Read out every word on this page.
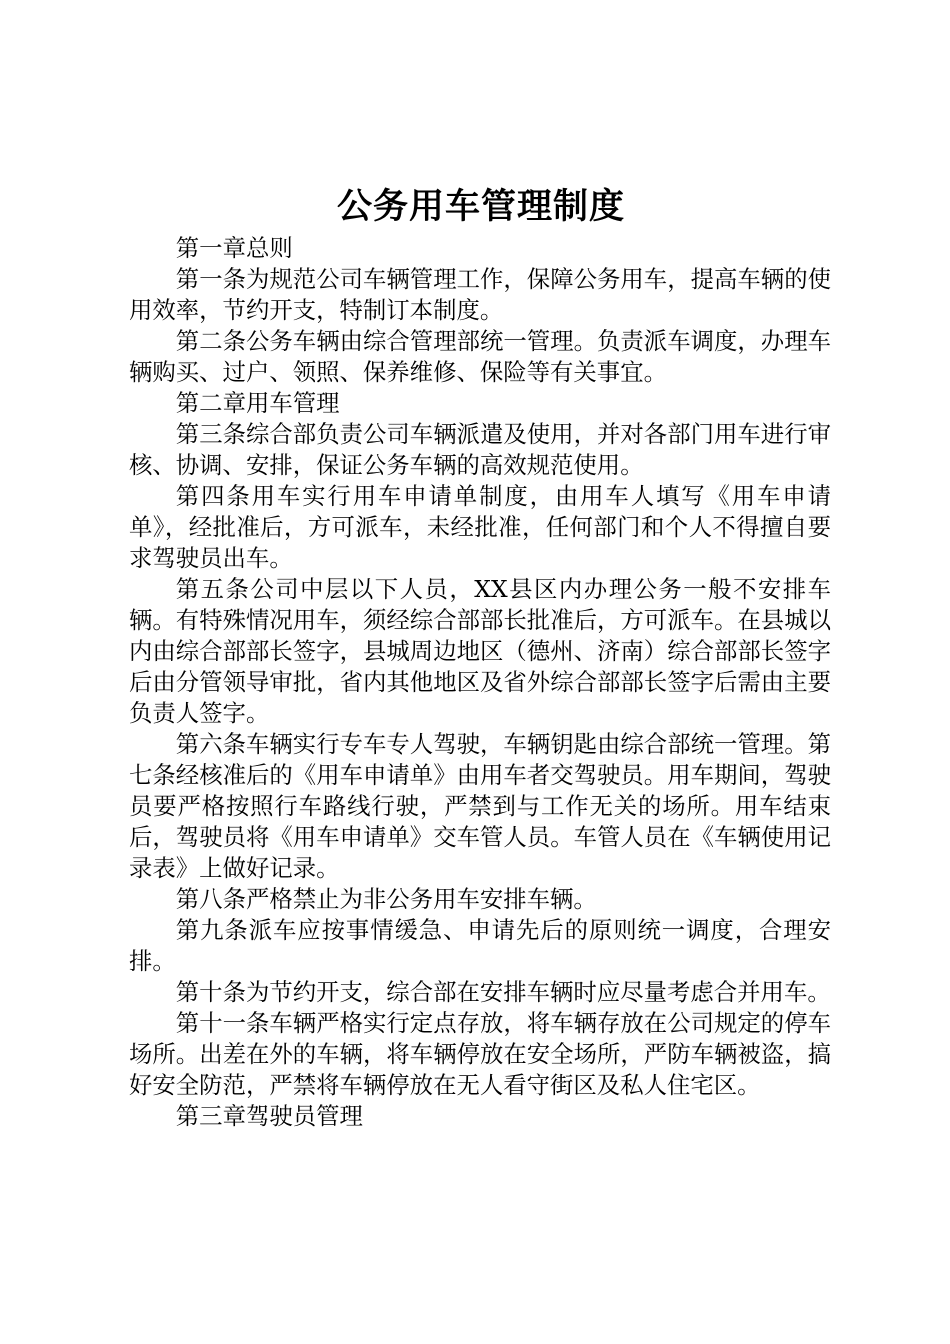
公务用车管理制度

第一章总则

第一条为规范公司车辆管理工作，保障公务用车，提高车辆的使用效率，节约开支，特制订本制度。

第二条公务车辆由综合管理部统一管理。负责派车调度，办理车辆购买、过户、领照、保养维修、保险等有关事宜。

第二章用车管理

第三条综合部负责公司车辆派遣及使用，并对各部门用车进行审核、协调、安排，保证公务车辆的高效规范使用。

第四条用车实行用车申请单制度，由用车人填写《用车申请单》，经批准后，方可派车，未经批准，任何部门和个人不得擅自要求驾驶员出车。

第五条公司中层以下人员，XX县区内办理公务一般不安排车辆。有特殊情况用车，须经综合部部长批准后，方可派车。在县城以内由综合部部长签字，县城周边地区（德州、济南）综合部部长签字后由分管领导审批，省内其他地区及省外综合部部长签字后需由主要负责人签字。

第六条车辆实行专车专人驾驶，车辆钥匙由综合部统一管理。第七条经核准后的《用车申请单》由用车者交驾驶员。用车期间，驾驶员要严格按照行车路线行驶，严禁到与工作无关的场所。用车结束后，驾驶员将《用车申请单》交车管人员。车管人员在《车辆使用记录表》上做好记录。

第八条严格禁止为非公务用车安排车辆。

第九条派车应按事情缓急、申请先后的原则统一调度，合理安排。

第十条为节约开支，综合部在安排车辆时应尽量考虑合并用车。

第十一条车辆严格实行定点存放，将车辆存放在公司规定的停车场所。出差在外的车辆，将车辆停放在安全场所，严防车辆被盗，搞好安全防范，严禁将车辆停放在无人看守街区及私人住宅区。

第三章驾驶员管理
